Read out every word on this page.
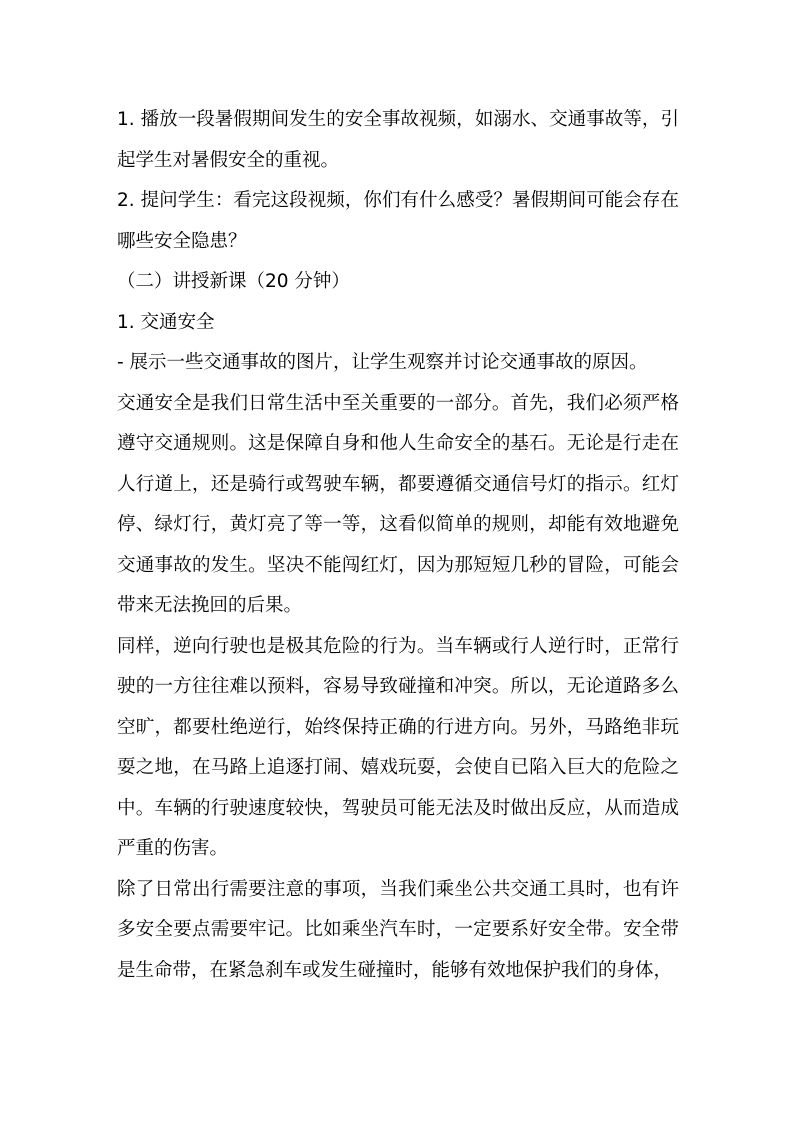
1. 播放一段暑假期间发生的安全事故视频，如溺水、交通事故等，引起学生对暑假安全的重视。

2. 提问学生：看完这段视频，你们有什么感受？暑假期间可能会存在哪些安全隐患？

（二）讲授新课（20 分钟）

1. 交通安全

- 展示一些交通事故的图片，让学生观察并讨论交通事故的原因。

交通安全是我们日常生活中至关重要的一部分。首先，我们必须严格遵守交通规则。这是保障自身和他人生命安全的基石。无论是行走在人行道上，还是骑行或驾驶车辆，都要遵循交通信号灯的指示。红灯停、绿灯行，黄灯亮了等一等，这看似简单的规则，却能有效地避免交通事故的发生。坚决不能闯红灯，因为那短短几秒的冒险，可能会带来无法挽回的后果。

同样，逆向行驶也是极其危险的行为。当车辆或行人逆行时，正常行驶的一方往往难以预料，容易导致碰撞和冲突。所以，无论道路多么空旷，都要杜绝逆行，始终保持正确的行进方向。另外，马路绝非玩耍之地，在马路上追逐打闹、嬉戏玩耍，会使自已陷入巨大的危险之中。车辆的行驶速度较快，驾驶员可能无法及时做出反应，从而造成严重的伤害。

除了日常出行需要注意的事项，当我们乘坐公共交通工具时，也有许多安全要点需要牢记。比如乘坐汽车时，一定要系好安全带。安全带是生命带，在紧急刹车或发生碰撞时，能够有效地保护我们的身体，
